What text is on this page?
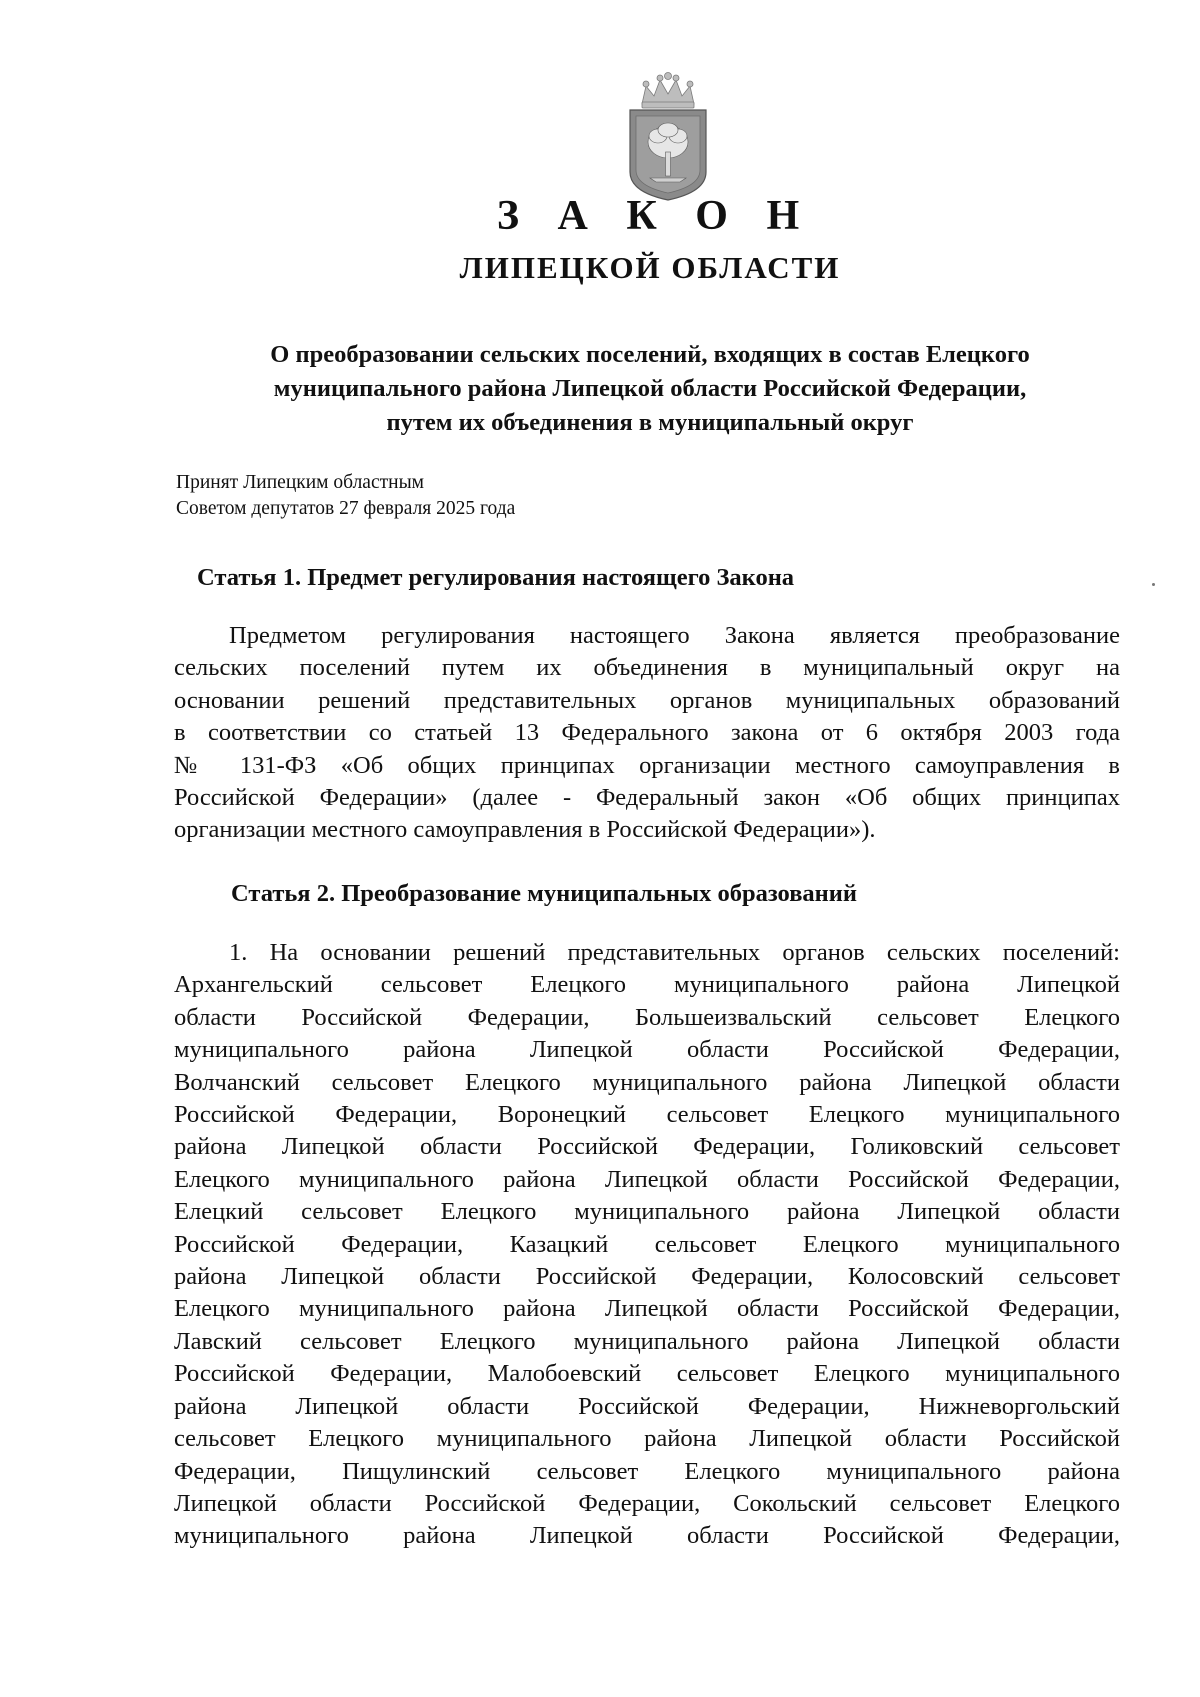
З А К О Н
ЛИПЕЦКОЙ ОБЛАСТИ
О преобразовании сельских поселений, входящих в состав Елецкого
муниципального района Липецкой области Российской Федерации,
путем их объединения в муниципальный округ
Принят Липецким областным
Советом депутатов 27 февраля 2025 года
Статья 1. Предмет регулирования настоящего Закона
Предметом регулирования настоящего Закона является преобразование
сельских поселений путем их объединения в муниципальный округ на
основании решений представительных органов муниципальных образований
в соответствии со статьей 13 Федерального закона от 6 октября 2003 года
№ 131-ФЗ «Об общих принципах организации местного самоуправления в
Российской Федерации» (далее - Федеральный закон «Об общих принципах
организации местного самоуправления в Российской Федерации»).
Статья 2. Преобразование муниципальных образований
1. На основании решений представительных органов сельских поселений:
Архангельский сельсовет Елецкого муниципального района Липецкой
области Российской Федерации, Большеизвальский сельсовет Елецкого
муниципального района Липецкой области Российской Федерации,
Волчанский сельсовет Елецкого муниципального района Липецкой области
Российской Федерации, Воронецкий сельсовет Елецкого муниципального
района Липецкой области Российской Федерации, Голиковский сельсовет
Елецкого муниципального района Липецкой области Российской Федерации,
Елецкий сельсовет Елецкого муниципального района Липецкой области
Российской Федерации, Казацкий сельсовет Елецкого муниципального
района Липецкой области Российской Федерации, Колосовский сельсовет
Елецкого муниципального района Липецкой области Российской Федерации,
Лавский сельсовет Елецкого муниципального района Липецкой области
Российской Федерации, Малобоевский сельсовет Елецкого муниципального
района Липецкой области Российской Федерации, Нижневоргольский
сельсовет Елецкого муниципального района Липецкой области Российской
Федерации, Пищулинский сельсовет Елецкого муниципального района
Липецкой области Российской Федерации, Сокольский сельсовет Елецкого
муниципального района Липецкой области Российской Федерации,
